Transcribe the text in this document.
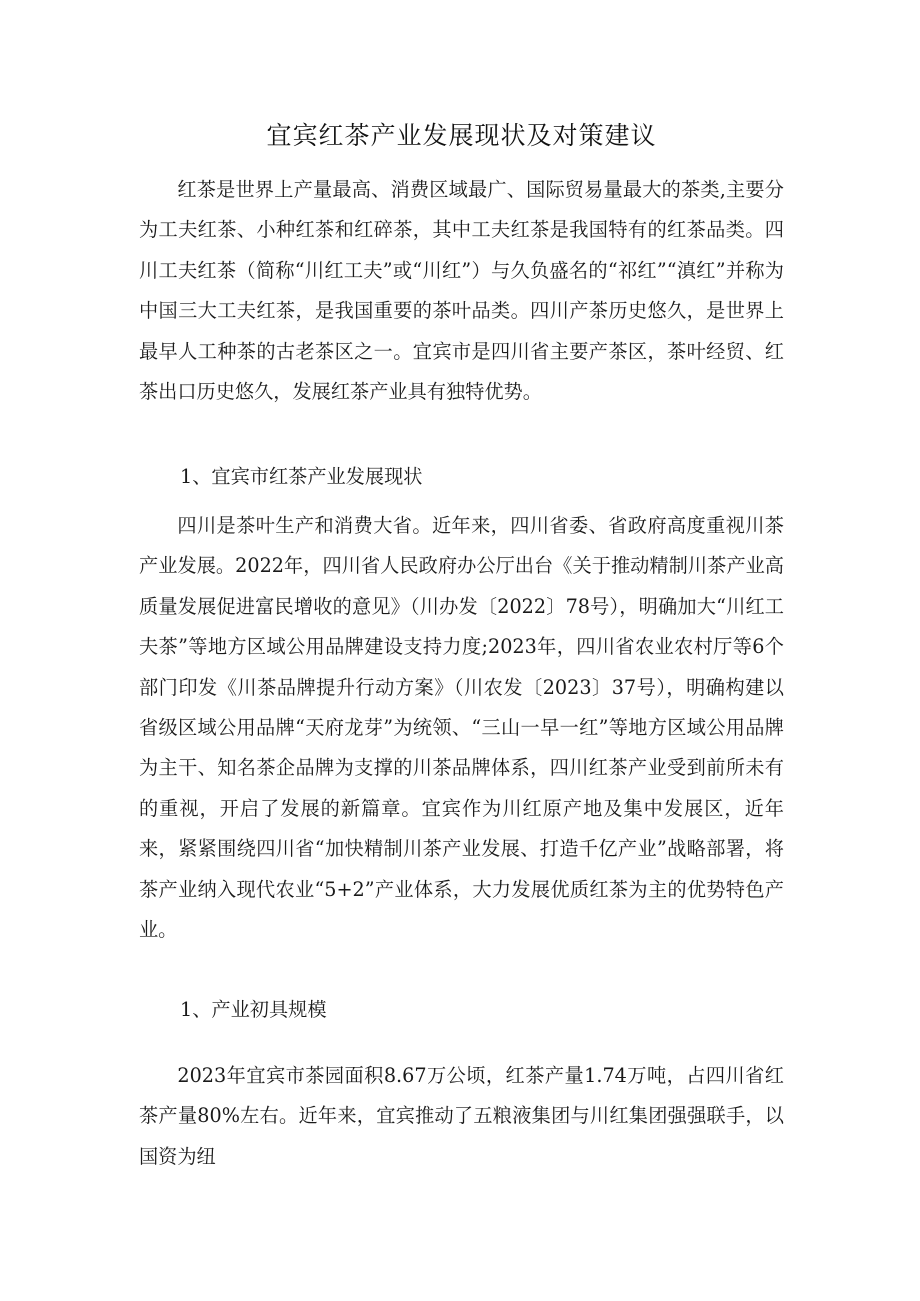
宜宾红茶产业发展现状及对策建议

红茶是世界上产量最高、消费区域最广、国际贸易量最大的茶类,主要分为工夫红茶、小种红茶和红碎茶，其中工夫红茶是我国特有的红茶品类。四川工夫红茶（简称“川红工夫”或“川红”）与久负盛名的“祁红”“滇红”并称为中国三大工夫红茶，是我国重要的茶叶品类。四川产茶历史悠久，是世界上最早人工种茶的古老茶区之一。宜宾市是四川省主要产茶区，茶叶经贸、红茶出口历史悠久，发展红茶产业具有独特优势。

1、宜宾市红茶产业发展现状

四川是茶叶生产和消费大省。近年来，四川省委、省政府高度重视川茶产业发展。2022年，四川省人民政府办公厅出台《关于推动精制川茶产业高质量发展促进富民增收的意见》（川办发〔2022〕78号），明确加大“川红工夫茶”等地方区域公用品牌建设支持力度;2023年，四川省农业农村厅等6个部门印发《川茶品牌提升行动方案》（川农发〔2023〕37号），明确构建以省级区域公用品牌“天府龙芽”为统领、“三山一早一红”等地方区域公用品牌为主干、知名茶企品牌为支撑的川茶品牌体系，四川红茶产业受到前所未有的重视，开启了发展的新篇章。宜宾作为川红原产地及集中发展区，近年来，紧紧围绕四川省“加快精制川茶产业发展、打造千亿产业”战略部署，将茶产业纳入现代农业“5+2”产业体系，大力发展优质红茶为主的优势特色产业。

1、产业初具规模

2023年宜宾市茶园面积8.67万公顷，红茶产量1.74万吨，占四川省红茶产量80%左右。近年来，宜宾推动了五粮液集团与川红集团强强联手，以国资为纽
